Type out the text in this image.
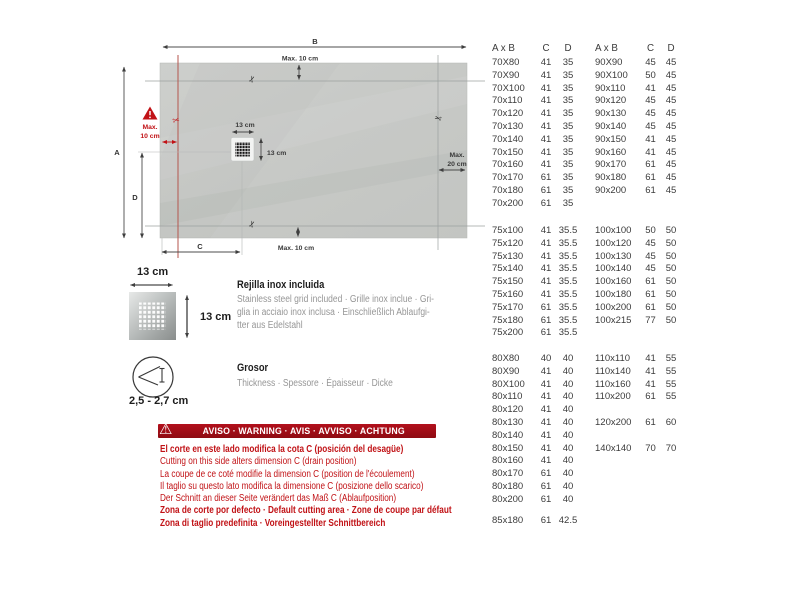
B
A
D
C
Max. 10 cm
Max. 10 cm
Max.
20 cm
Max.
10 cm
13 cm
13 cm
✂
✂
✂
✂
13 cm
13 cm
Rejilla inox incluida
Stainless steel grid included · Grille inox inclue · Gri-
glia in acciaio inox inclusa · Einschließlich Ablaufgi-
tter aus Edelstahl
2,5 - 2,7 cm
Grosor
Thickness · Spessore · Épaisseur · Dicke
⚠	AVISO · WARNING · AVIS · AVVISO · ACHTUNG
El corte en este lado modifica la cota C (posición del desagüe)
Cutting on this side alters dimension C (drain position)
La coupe de ce coté modifie la dimension C (position de l'écoulement)
Il taglio su questo lato modifica la dimensione C (posizione dello scarico)
Der Schnitt an dieser Seite verändert das Maß C (Ablaufposition)
Zona de corte por defecto · Default cutting area · Zone de coupe par défaut
Zona di taglio predefinita · Voreingestellter Schnittbereich
A x B	C	D	A x B	C	D
70X80	41	35	90X90	45	45
70X90	41	35	90X100	50	45
70X100	41	35	90x110	41	45
70x110	41	35	90x120	45	45
70x120	41	35	90x130	45	45
70x130	41	35	90x140	45	45
70x140	41	35	90x150	41	45
70x150	41	35	90x160	41	45
70x160	41	35	90x170	61	45
70x170	61	35	90x180	61	45
70x180	61	35	90x200	61	45
70x200	61	35
75x100	41 35.5 100x100	50	50
75x120	41 35.5 100x120	45	50
75x130	41 35.5 100x130	45	50
75x140	41 35.5 100x140	45	50
75x150	41 35.5 100x160	61	50
75x160	41 35.5 100x180	61	50
75x170	61 35.5 100x200	61	50
75x180	61 35.5 100x215	77	50
75x200	61 35.5
80X80	40	40	110x110	41	55
80X90	41	40	110x140	41	55
80X100	41	40	110x160	41	55
80x110	41	40	110x200	61	55
80x120	41	40
80x130	41	40	120x200	61	60
80x140	41	40
80x150	41	40	140x140	70	70
80x160	41	40
80x170	61	40
80x180	61	40
80x200	61	40
85x180	61 42.5
